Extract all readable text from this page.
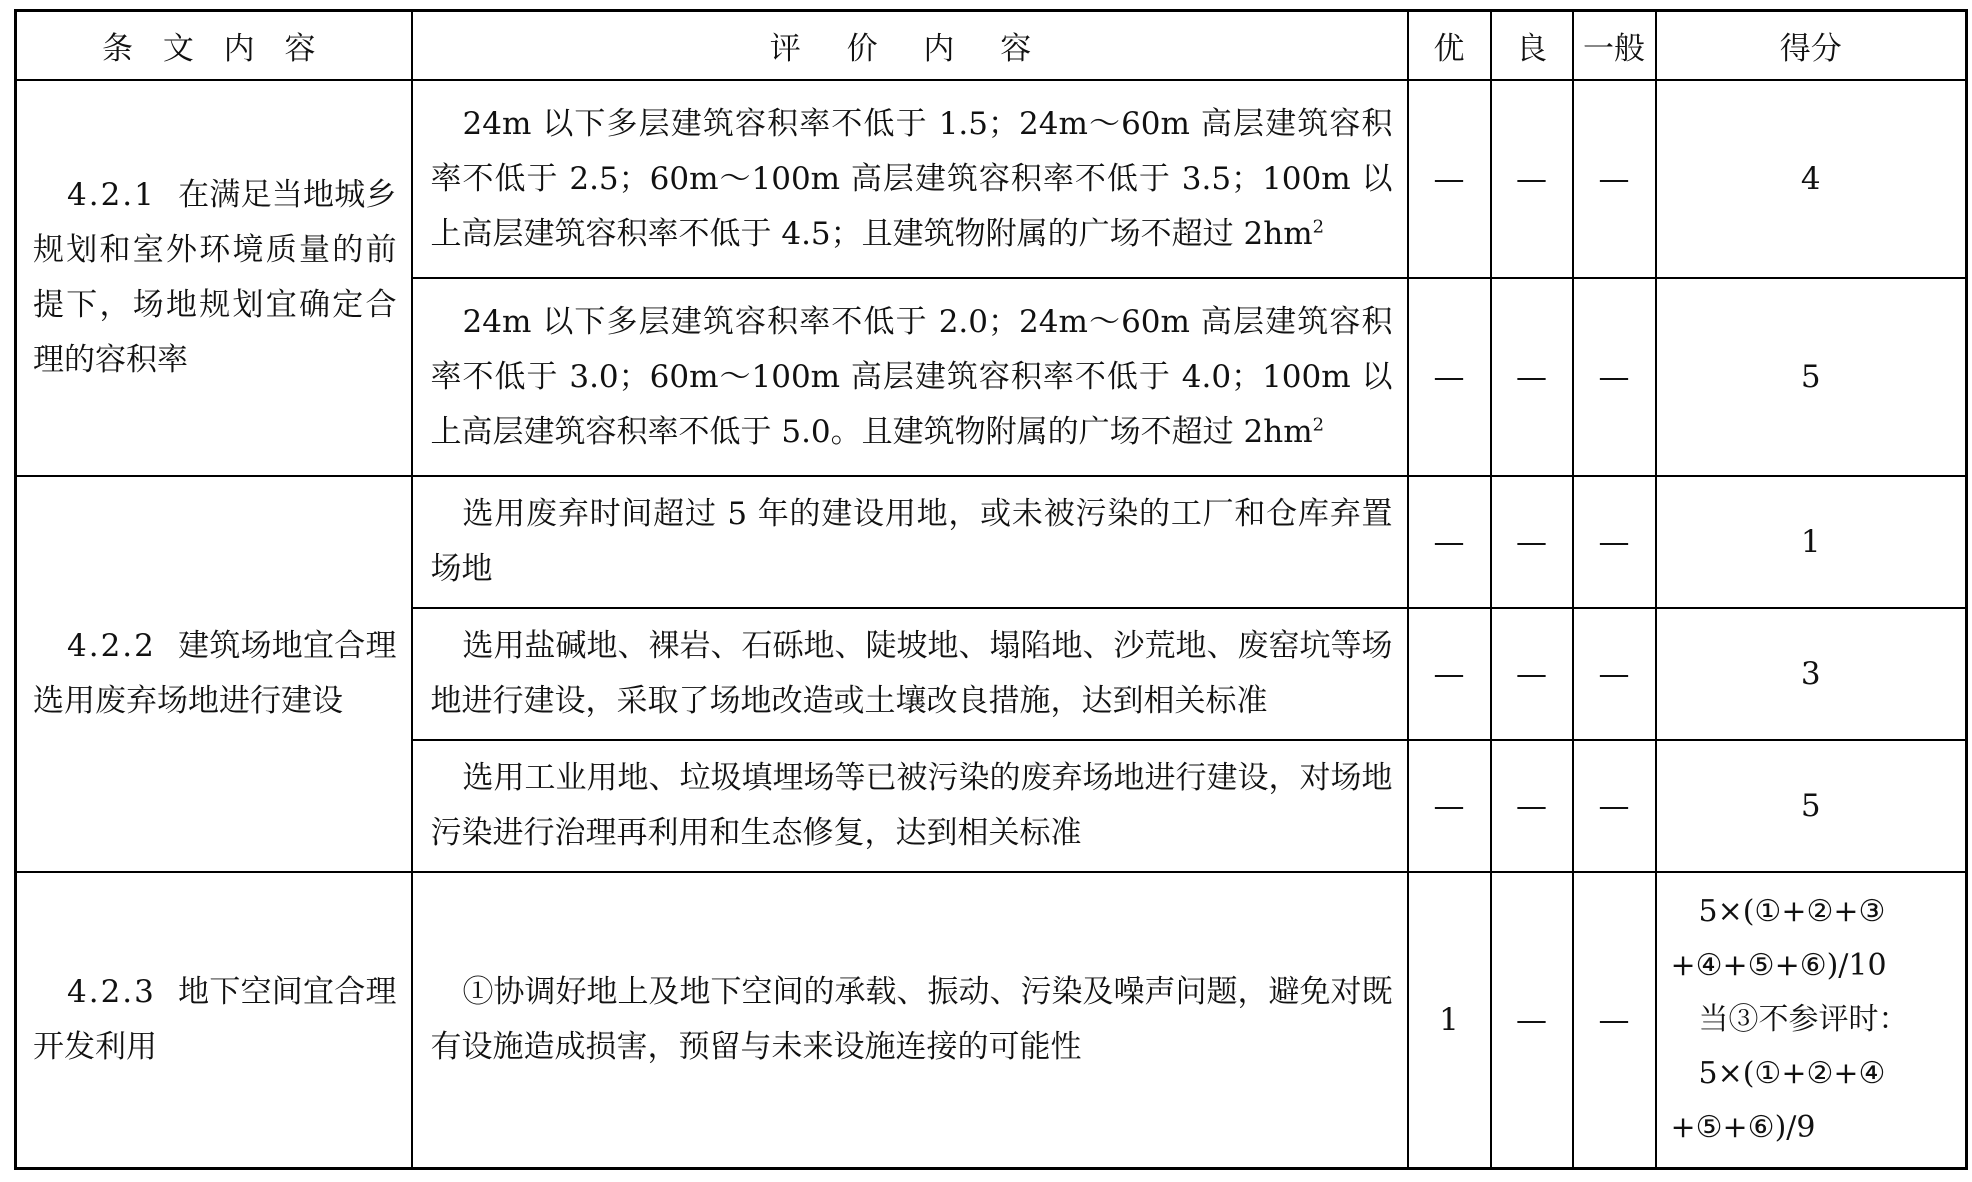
条 文 内 容	评 价 内 容	优	良	一般	得分
4.2.1 在满足当地城乡规划和室外环境质量的前提下，场地规划宜确定合理的容积率	24m 以下多层建筑容积率不低于 1.5；24m～60m 高层建筑容积率不低于 2.5；60m～100m 高层建筑容积率不低于 3.5；100m 以上高层建筑容积率不低于 4.5；且建筑物附属的广场不超过 $2hm^2$	—	—	—	4

	24m 以下多层建筑容积率不低于 2.0；24m～60m 高层建筑容积率不低于 3.0；60m～100m 高层建筑容积率不低于 4.0；100m 以上高层建筑容积率不低于 5.0。且建筑物附属的广场不超过 $2hm^2$	—	—	—	5
4.2.2 建筑场地宜合理选用废弃场地进行建设	选用废弃时间超过 5 年的建设用地，或未被污染的工厂和仓库弃置场地	—	—	—	1

	选用盐碱地、裸岩、石砾地、陡坡地、塌陷地、沙荒地、废窑坑等场地进行建设，采取了场地改造或土壤改良措施，达到相关标准	—	—	—	3

	选用工业用地、垃圾填埋场等已被污染的废弃场地进行建设，对场地污染进行治理再利用和生态修复，达到相关标准	—	—	—	5
4.2.3 地下空间宜合理开发利用	①协调好地上及地下空间的承载、振动、污染及噪声问题，避免对既有设施造成损害，预留与未来设施连接的可能性	1	—	—	5×(①+②+③
+④+⑤+⑥)/10
当③不参评时：
5×(①+②+④
+⑤+⑥)/9
